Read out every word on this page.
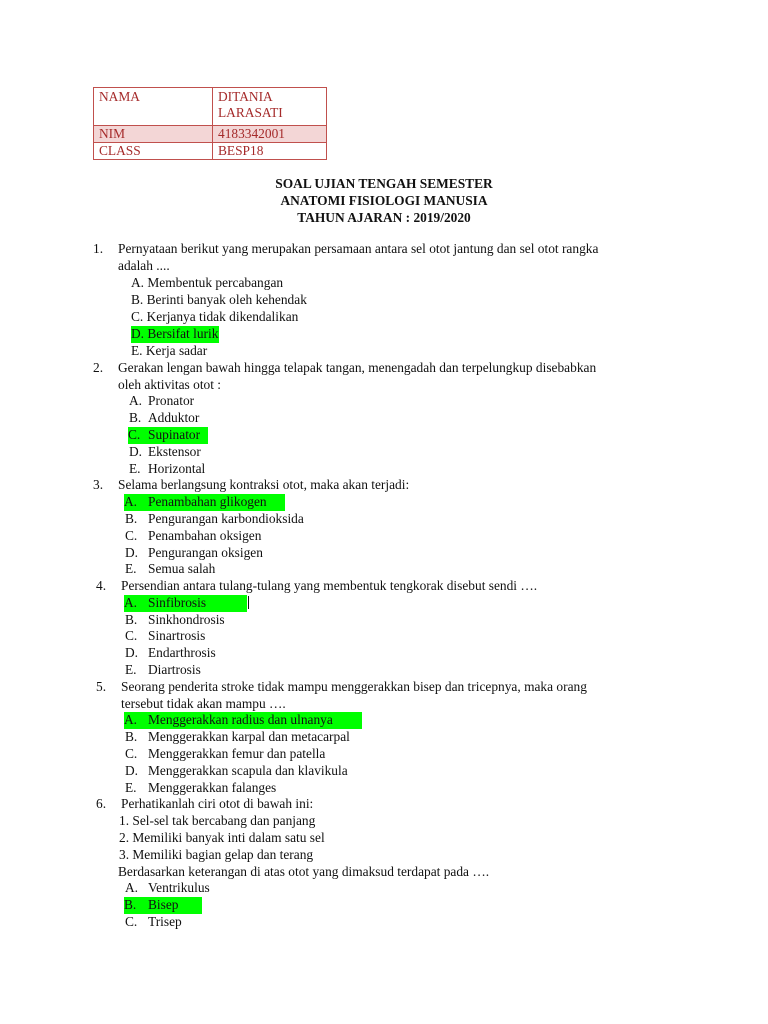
NAMA	DITANIA
LARASATI
NIM	4183342001
CLASS	BESP18
SOAL UJIAN TENGAH SEMESTER
ANATOMI FISIOLOGI MANUSIA
TAHUN AJARAN : 2019/2020
1. Pernyataan berikut yang merupakan persamaan antara sel otot jantung dan sel otot rangka
adalah ....
A. Membentuk percabangan
B. Berinti banyak oleh kehendak
C. Kerjanya tidak dikendalikan
D. Bersifat lurik
E. Kerja sadar
2. Gerakan lengan bawah hingga telapak tangan, menengadah dan terpelungkup disebabkan
oleh aktivitas otot :
A. Pronator
B. Adduktor
C. Supinator
D. Ekstensor
E. Horizontal
3. Selama berlangsung kontraksi otot, maka akan terjadi:
A. Penambahan glikogen
B. Pengurangan karbondioksida
C. Penambahan oksigen
D. Pengurangan oksigen
E. Semua salah
4. Persendian antara tulang-tulang yang membentuk tengkorak disebut sendi ….
A. Sinfibrosis
B. Sinkhondrosis
C. Sinartrosis
D. Endarthrosis
E. Diartrosis
5. Seorang penderita stroke tidak mampu menggerakkan bisep dan tricepnya, maka orang
tersebut tidak akan mampu ….
A. Menggerakkan radius dan ulnanya
B. Menggerakkan karpal dan metacarpal
C. Menggerakkan femur dan patella
D. Menggerakkan scapula dan klavikula
E. Menggerakkan falanges
6. Perhatikanlah ciri otot di bawah ini:
1. Sel-sel tak bercabang dan panjang
2. Memiliki banyak inti dalam satu sel
3. Memiliki bagian gelap dan terang
Berdasarkan keterangan di atas otot yang dimaksud terdapat pada ….
A. Ventrikulus
B. Bisep
C. Trisep
